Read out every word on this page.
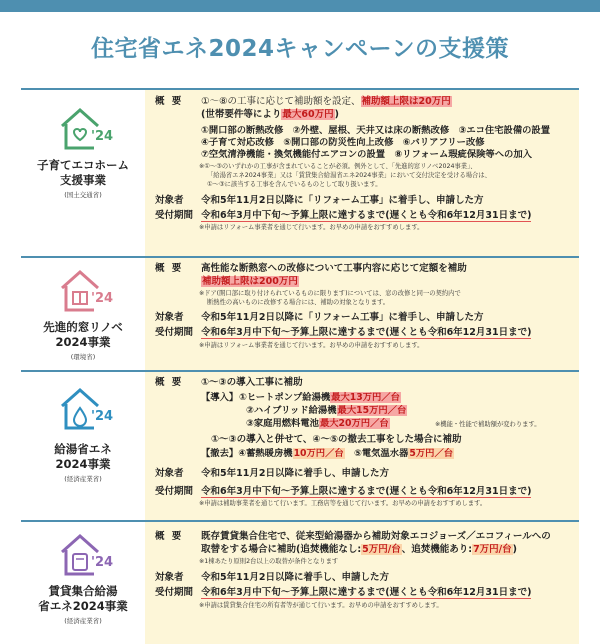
住宅省エネ2024キャンペーンの支援策
'24
子育てエコホーム
支援事業
(国土交通省)
概 要 ①〜⑧の工事に応じて補助額を設定、補助額上限は20万円
(世帯要件等により最大60万円)
①開口部の断熱改修　②外壁、屋根、天井又は床の断熱改修　③エコ住宅設備の設置
④子育て対応改修　⑤開口部の防災性向上改修　⑥バリアフリー改修
⑦空気清浄機能・換気機能付エアコンの設置　⑧リフォーム瑕疵保険等への加入
※①〜③のいずれかの工事が含まれていることが必須。例外として、「先進的窓リノベ2024事業」、
「給湯省エネ2024事業」又は「賃貸集合給湯省エネ2024事業」において交付決定を受ける場合は、
①〜③に該当する工事を含んでいるものとして取り扱います。
対象者 令和5年11月2日以降に「リフォーム工事」に着手し、申請した方
受付期間 令和6年3月中下旬〜予算上限に達するまで(遅くとも令和6年12月31日まで)
※申請はリフォーム事業者を通じて行います。お早めの申請をおすすめします。
'24
先進的窓リノベ
2024事業
(環境省)
概 要 高性能な断熱窓への改修について工事内容に応じて定額を補助
補助額上限は200万円
※ドア(開口部に取り付けられているものに限ります)については、窓の改修と同一の契約内で
断熱性の高いものに改修する場合には、補助の対象となります。
対象者 令和5年11月2日以降に「リフォーム工事」に着手し、申請した方
受付期間 令和6年3月中下旬〜予算上限に達するまで(遅くとも令和6年12月31日まで)
※申請はリフォーム事業者を通じて行います。お早めの申請をおすすめします。
'24
給湯省エネ
2024事業
(経済産業省)
概 要 ①〜③の導入工事に補助
【導入】 ①ヒートポンプ給湯機最大13万円／台
②ハイブリッド給湯機最大15万円／台
③家庭用燃料電池最大20万円／台	※機能・性能で補助額が変わります。
①〜③の導入と併せて、④〜⑤の撤去工事をした場合に補助
【撤去】④蓄熱暖房機10万円／台　 ⑤電気温水器5万円／台
対象者 令和5年11月2日以降に着手し、申請した方
受付期間 令和6年3月中下旬〜予算上限に達するまで(遅くとも令和6年12月31日まで)
※申請は補助事業者を通じて行います。工務店等を通じて行います。お早めの申請をおすすめします。
'24
賃貸集合給湯
省エネ2024事業
(経済産業省)
概 要 既存賃貸集合住宅で、従来型給湯器から補助対象エコジョーズ／エコフィールへの
取替をする場合に補助(追焚機能なし:5万円/台、追焚機能あり:7万円/台)
※1棟あたり原則2台以上の取替が条件となります
対象者 令和5年11月2日以降に着手し、申請した方
受付期間 令和6年3月中下旬〜予算上限に達するまで(遅くとも令和6年12月31日まで)
※申請は賃貸集合住宅の所有者等が通じて行います。お早めの申請をおすすめします。
